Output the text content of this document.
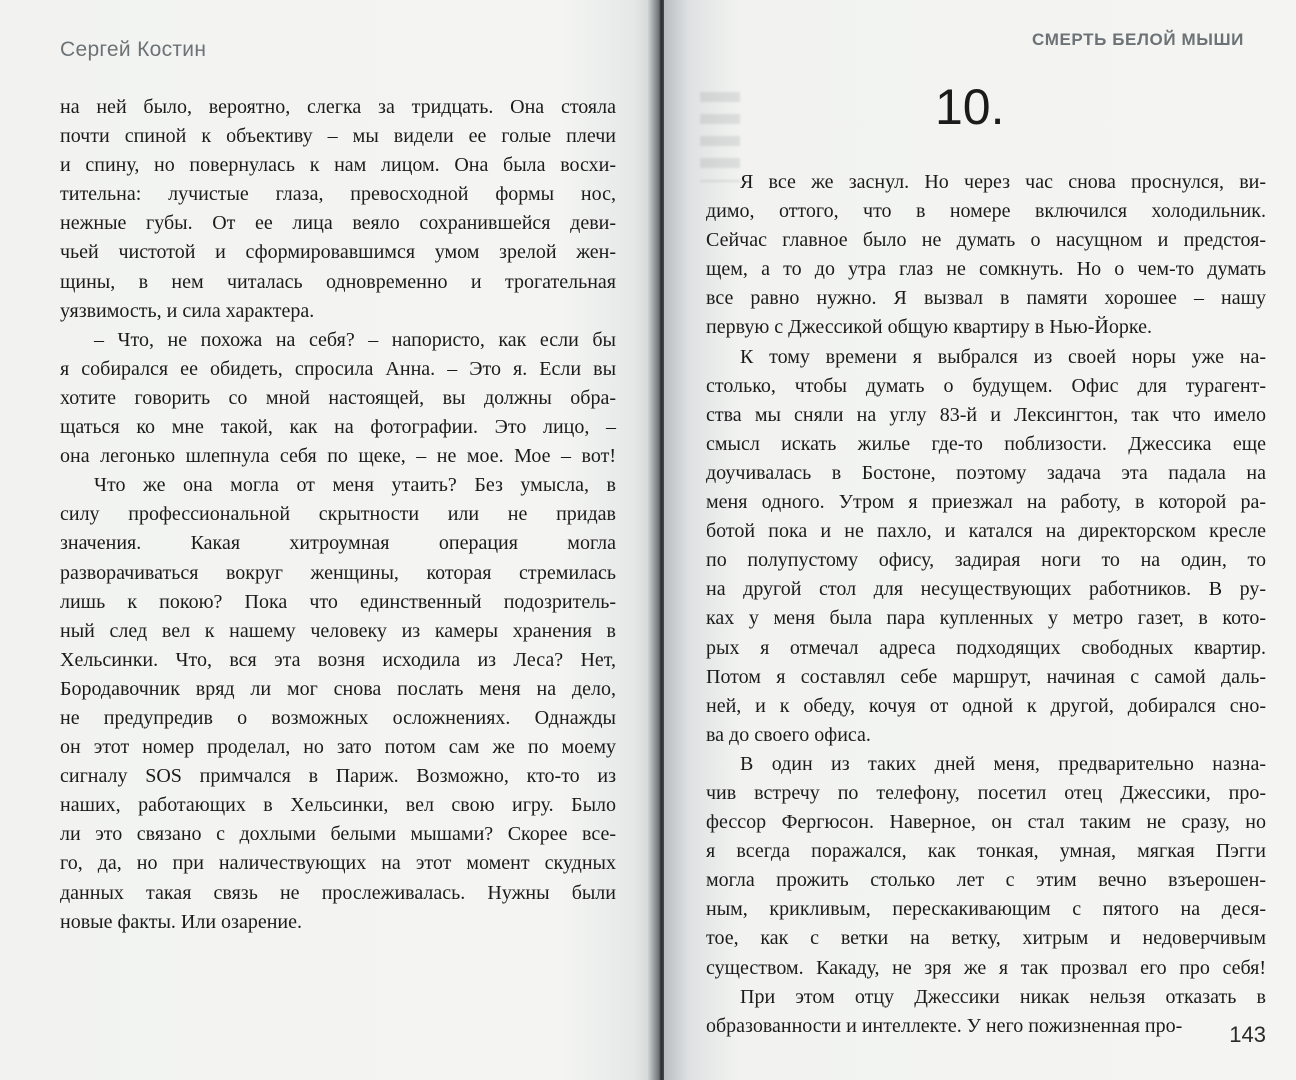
Сергей Костин
на ней было, вероятно, слегка за тридцать. Она стояла
почти спиной к объективу – мы видели ее голые плечи
и спину, но повернулась к нам лицом. Она была восхи-
тительна: лучистые глаза, превосходной формы нос,
нежные губы. От ее лица веяло сохранившейся деви-
чьей чистотой и сформировавшимся умом зрелой жен-
щины, в нем читалась одновременно и трогательная
уязвимость, и сила характера.
– Что, не похожа на себя? – напористо, как если бы
я собирался ее обидеть, спросила Анна. – Это я. Если вы
хотите говорить со мной настоящей, вы должны обра-
щаться ко мне такой, как на фотографии. Это лицо, –
она легонько шлепнула себя по щеке, – не мое. Мое – вот!
Что же она могла от меня утаить? Без умысла, в
силу профессиональной скрытности или не придав
значения. Какая хитроумная операция могла
разворачиваться вокруг женщины, которая стремилась
лишь к покою? Пока что единственный подозритель-
ный след вел к нашему человеку из камеры хранения в
Хельсинки. Что, вся эта возня исходила из Леса? Нет,
Бородавочник вряд ли мог снова послать меня на дело,
не предупредив о возможных осложнениях. Однажды
он этот номер проделал, но зато потом сам же по моему
сигналу SOS примчался в Париж. Возможно, кто-то из
наших, работающих в Хельсинки, вел свою игру. Было
ли это связано с дохлыми белыми мышами? Скорее все-
го, да, но при наличествующих на этот момент скудных
данных такая связь не прослеживалась. Нужны были
новые факты. Или озарение.
СМЕРТЬ БЕЛОЙ МЫШИ
10.
Я все же заснул. Но через час снова проснулся, ви-
димо, оттого, что в номере включился холодильник.
Сейчас главное было не думать о насущном и предстоя-
щем, а то до утра глаз не сомкнуть. Но о чем-то думать
все равно нужно. Я вызвал в памяти хорошее – нашу
первую с Джессикой общую квартиру в Нью-Йорке.
К тому времени я выбрался из своей норы уже на-
столько, чтобы думать о будущем. Офис для турагент-
ства мы сняли на углу 83-й и Лексингтон, так что имело
смысл искать жилье где-то поблизости. Джессика еще
доучивалась в Бостоне, поэтому задача эта падала на
меня одного. Утром я приезжал на работу, в которой ра-
ботой пока и не пахло, и катался на директорском кресле
по полупустому офису, задирая ноги то на один, то
на другой стол для несуществующих работников. В ру-
ках у меня была пара купленных у метро газет, в кото-
рых я отмечал адреса подходящих свободных квартир.
Потом я составлял себе маршрут, начиная с самой даль-
ней, и к обеду, кочуя от одной к другой, добирался сно-
ва до своего офиса.
В один из таких дней меня, предварительно назна-
чив встречу по телефону, посетил отец Джессики, про-
фессор Фергюсон. Наверное, он стал таким не сразу, но
я всегда поражался, как тонкая, умная, мягкая Пэгги
могла прожить столько лет с этим вечно взъерошен-
ным, крикливым, перескакивающим с пятого на деся-
тое, как с ветки на ветку, хитрым и недоверчивым
существом. Какаду, не зря же я так прозвал его про себя!
При этом отцу Джессики никак нельзя отказать в
образованности и интеллекте. У него пожизненная про-	143
